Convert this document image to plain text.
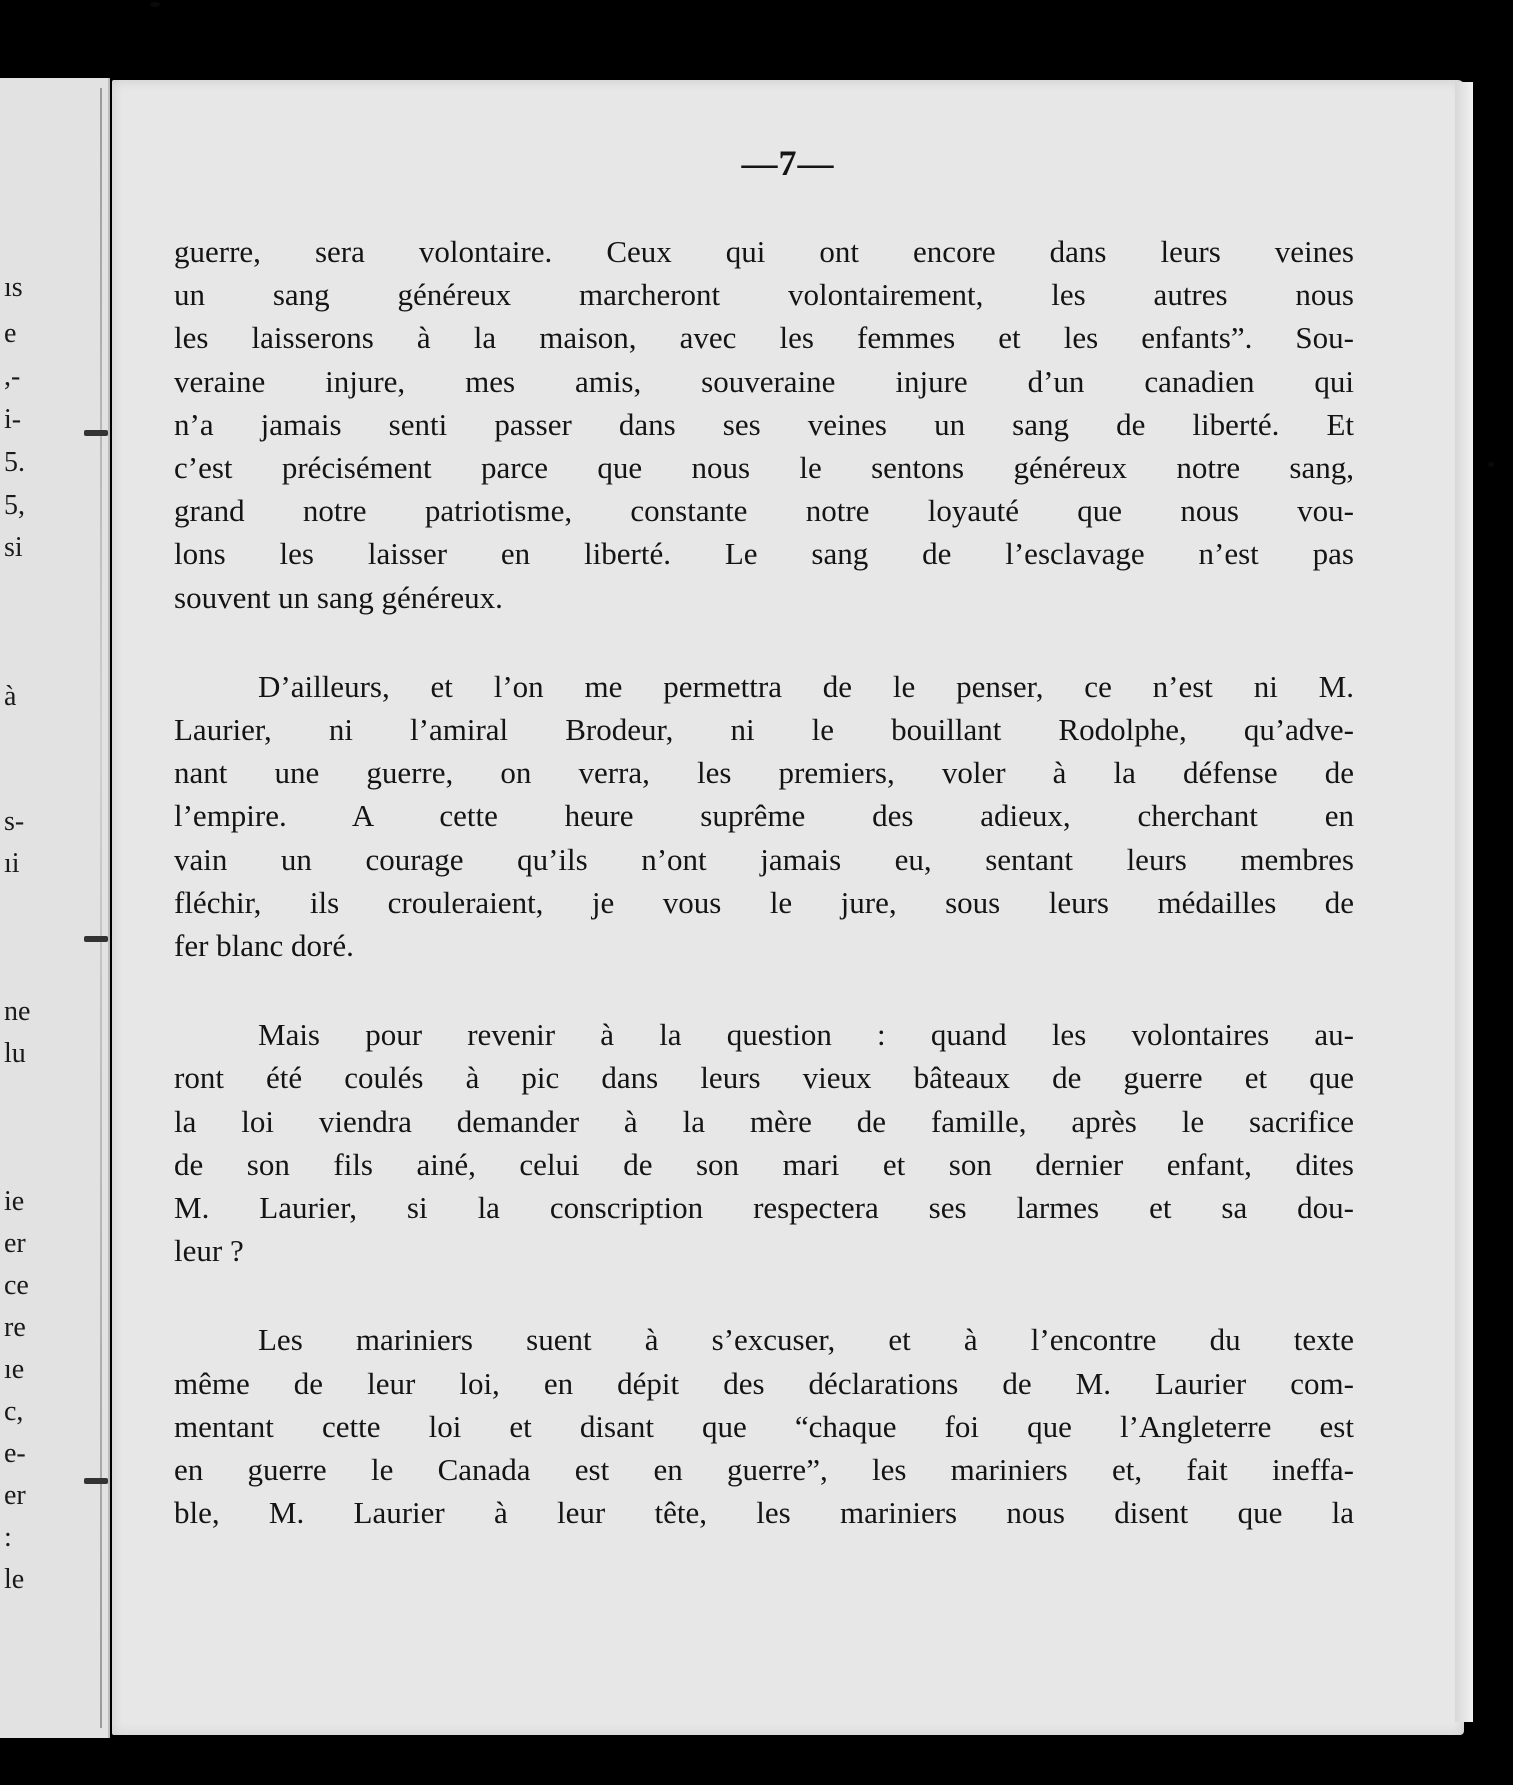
ıs
e
,-
i-
5.
5,
si
à
s-
ıi
ne
lu
ie
er
ce
re
ıe
c,
e-
er
:
le
—7—
guerre, sera volontaire. Ceux qui ont encore dans leurs veines
un sang généreux marcheront volontairement, les autres nous
les laisserons à la maison, avec les femmes et les enfants”. Sou-
veraine injure, mes amis, souveraine injure d’un canadien qui
n’a jamais senti passer dans ses veines un sang de liberté. Et
c’est précisément parce que nous le sentons généreux notre sang,
grand notre patriotisme, constante notre loyauté que nous vou-
lons les laisser en liberté. Le sang de l’esclavage n’est pas
souvent un sang généreux.
D’ailleurs, et l’on me permettra de le penser, ce n’est ni M.
Laurier, ni l’amiral Brodeur, ni le bouillant Rodolphe, qu’adve-
nant une guerre, on verra, les premiers, voler à la défense de
l’empire. A cette heure suprême des adieux, cherchant en
vain un courage qu’ils n’ont jamais eu, sentant leurs membres
fléchir, ils crouleraient, je vous le jure, sous leurs médailles de
fer blanc doré.
Mais pour revenir à la question : quand les volontaires au-
ront été coulés à pic dans leurs vieux bâteaux de guerre et que
la loi viendra demander à la mère de famille, après le sacrifice
de son fils ainé, celui de son mari et son dernier enfant, dites
M. Laurier, si la conscription respectera ses larmes et sa dou-
leur ?
Les mariniers suent à s’excuser, et à l’encontre du texte
même de leur loi, en dépit des déclarations de M. Laurier com-
mentant cette loi et disant que “chaque foi que l’Angleterre est
en guerre le Canada est en guerre”, les mariniers et, fait ineffa-
ble, M. Laurier à leur tête, les mariniers nous disent que la
